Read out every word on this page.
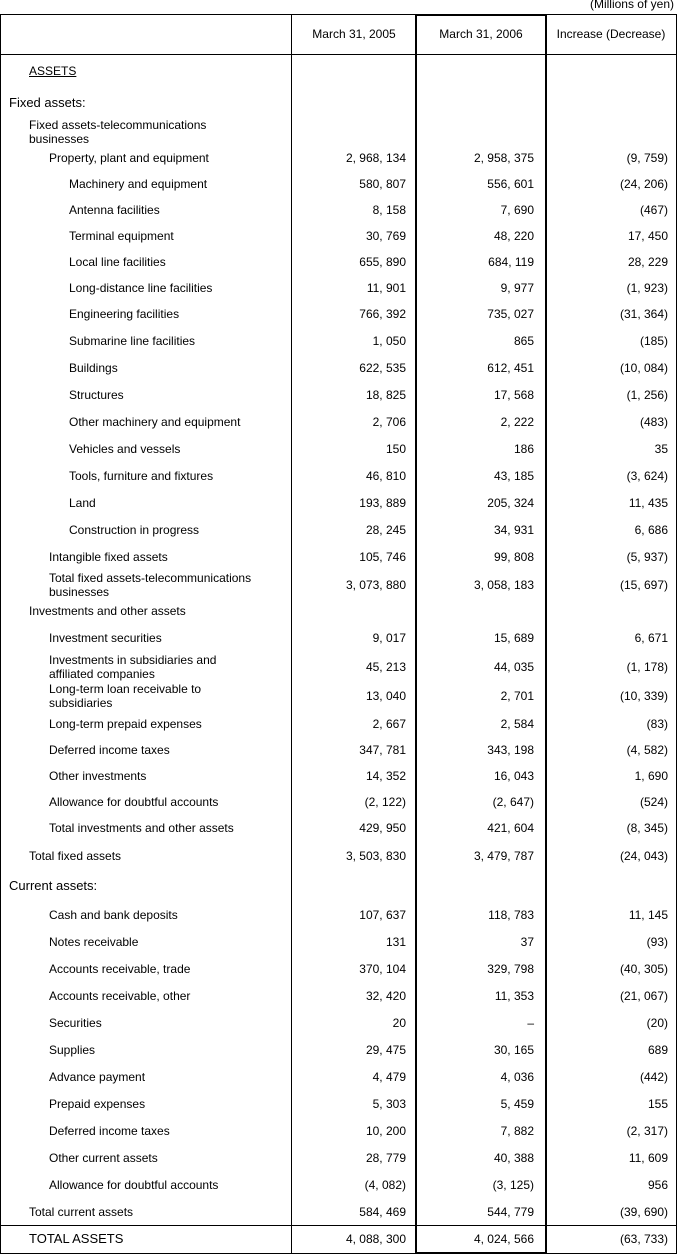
(Millions of yen)
March 31, 2005	March 31, 2006	Increase (Decrease)
ASSETS
Fixed assets:
Fixed assets-telecommunications
businesses
Property, plant and equipment	2, 968, 134	2, 958, 375	(9, 759)
Machinery and equipment	580, 807	556, 601	(24, 206)
Antenna facilities	8, 158	7, 690	(467)
Terminal equipment	30, 769	48, 220	17, 450
Local line facilities	655, 890	684, 119	28, 229
Long-distance line facilities	11, 901	9, 977	(1, 923)
Engineering facilities	766, 392	735, 027	(31, 364)
Submarine line facilities	1, 050	865	(185)
Buildings	622, 535	612, 451	(10, 084)
Structures	18, 825	17, 568	(1, 256)
Other machinery and equipment	2, 706	2, 222	(483)
Vehicles and vessels	150	186	35
Tools, furniture and fixtures	46, 810	43, 185	(3, 624)
Land	193, 889	205, 324	11, 435
Construction in progress	28, 245	34, 931	6, 686
Intangible fixed assets	105, 746	99, 808	(5, 937)
Total fixed assets-telecommunications
businesses	3, 073, 880	3, 058, 183	(15, 697)
Investments and other assets
Investment securities	9, 017	15, 689	6, 671
Investments in subsidiaries and
affiliated companies	45, 213	44, 035	(1, 178)
Long-term loan receivable to
subsidiaries	13, 040	2, 701	(10, 339)
Long-term prepaid expenses	2, 667	2, 584	(83)
Deferred income taxes	347, 781	343, 198	(4, 582)
Other investments	14, 352	16, 043	1, 690
Allowance for doubtful accounts	(2, 122)	(2, 647)	(524)
Total investments and other assets	429, 950	421, 604	(8, 345)
Total fixed assets	3, 503, 830	3, 479, 787	(24, 043)
Current assets:
Cash and bank deposits	107, 637	118, 783	11, 145
Notes receivable	131	37	(93)
Accounts receivable, trade	370, 104	329, 798	(40, 305)
Accounts receivable, other	32, 420	11, 353	(21, 067)
Securities	20	–	(20)
Supplies	29, 475	30, 165	689
Advance payment	4, 479	4, 036	(442)
Prepaid expenses	5, 303	5, 459	155
Deferred income taxes	10, 200	7, 882	(2, 317)
Other current assets	28, 779	40, 388	11, 609
Allowance for doubtful accounts	(4, 082)	(3, 125)	956
Total current assets	584, 469	544, 779	(39, 690)
TOTAL ASSETS	4, 088, 300	4, 024, 566	(63, 733)
